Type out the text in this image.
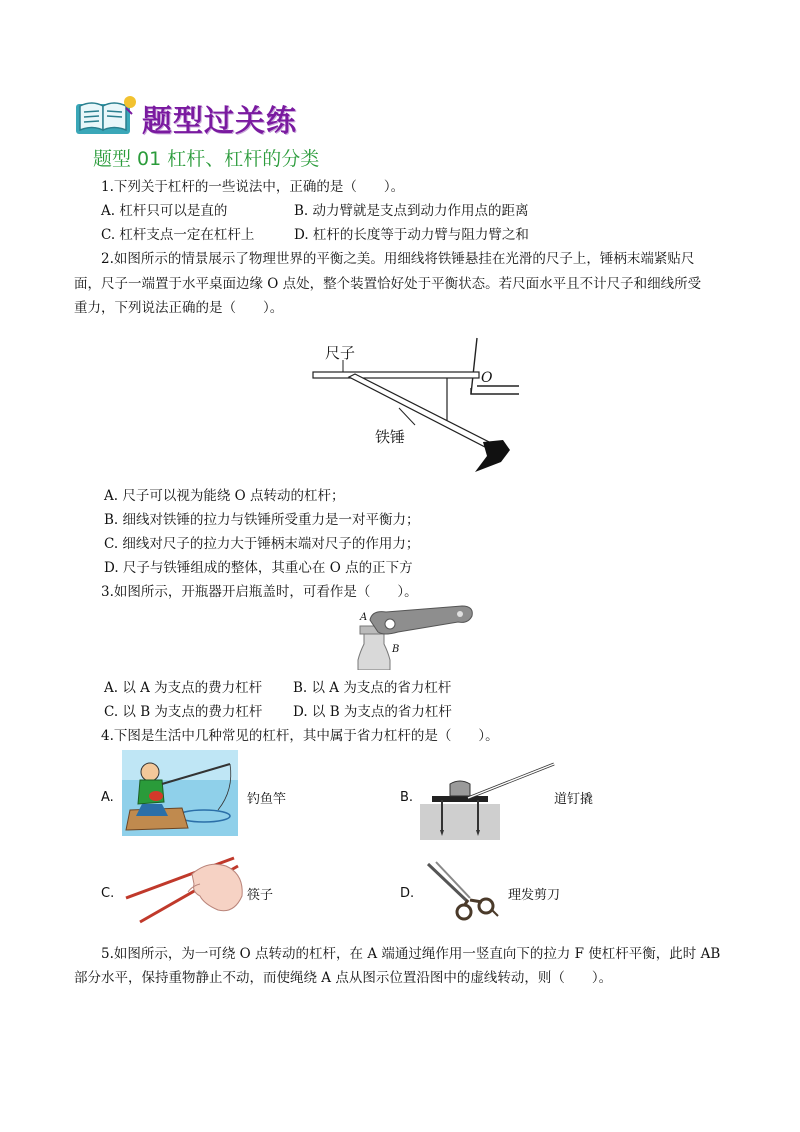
题型过关练
题型 01 杠杆、杠杆的分类
1.下列关于杠杆的一些说法中，正确的是（　　）。
A. 杠杆只可以是直的	B. 动力臂就是支点到动力作用点的距离
C. 杠杆支点一定在杠杆上	D. 杠杆的长度等于动力臂与阻力臂之和
2.如图所示的情景展示了物理世界的平衡之美。用细线将铁锤悬挂在光滑的尺子上，锤柄末端紧贴尺
面，尺子一端置于水平桌面边缘 O 点处，整个装置恰好处于平衡状态。若尺面水平且不计尺子和细线所受
重力，下列说法正确的是（　　）。
尺子
铁锤
O
A. 尺子可以视为能绕 O 点转动的杠杆；
B. 细线对铁锤的拉力与铁锤所受重力是一对平衡力；
C. 细线对尺子的拉力大于锤柄末端对尺子的作用力；
D. 尺子与铁锤组成的整体，其重心在 O 点的正下方
3.如图所示，开瓶器开启瓶盖时，可看作是（　　）。
A
B
A. 以 A 为支点的费力杠杆 B. 以 A 为支点的省力杠杆
C. 以 B 为支点的费力杠杆 D. 以 B 为支点的省力杠杆
4.下图是生活中几种常见的杠杆，其中属于省力杠杆的是（　　）。
A.	钓鱼竿	B.	道钉撬
C.	筷子	D.	理发剪刀
5.如图所示，为一可绕 O 点转动的杠杆，在 A 端通过绳作用一竖直向下的拉力 F 使杠杆平衡，此时 AB
部分水平，保持重物静止不动，而使绳绕 A 点从图示位置沿图中的虚线转动，则（　　）。
